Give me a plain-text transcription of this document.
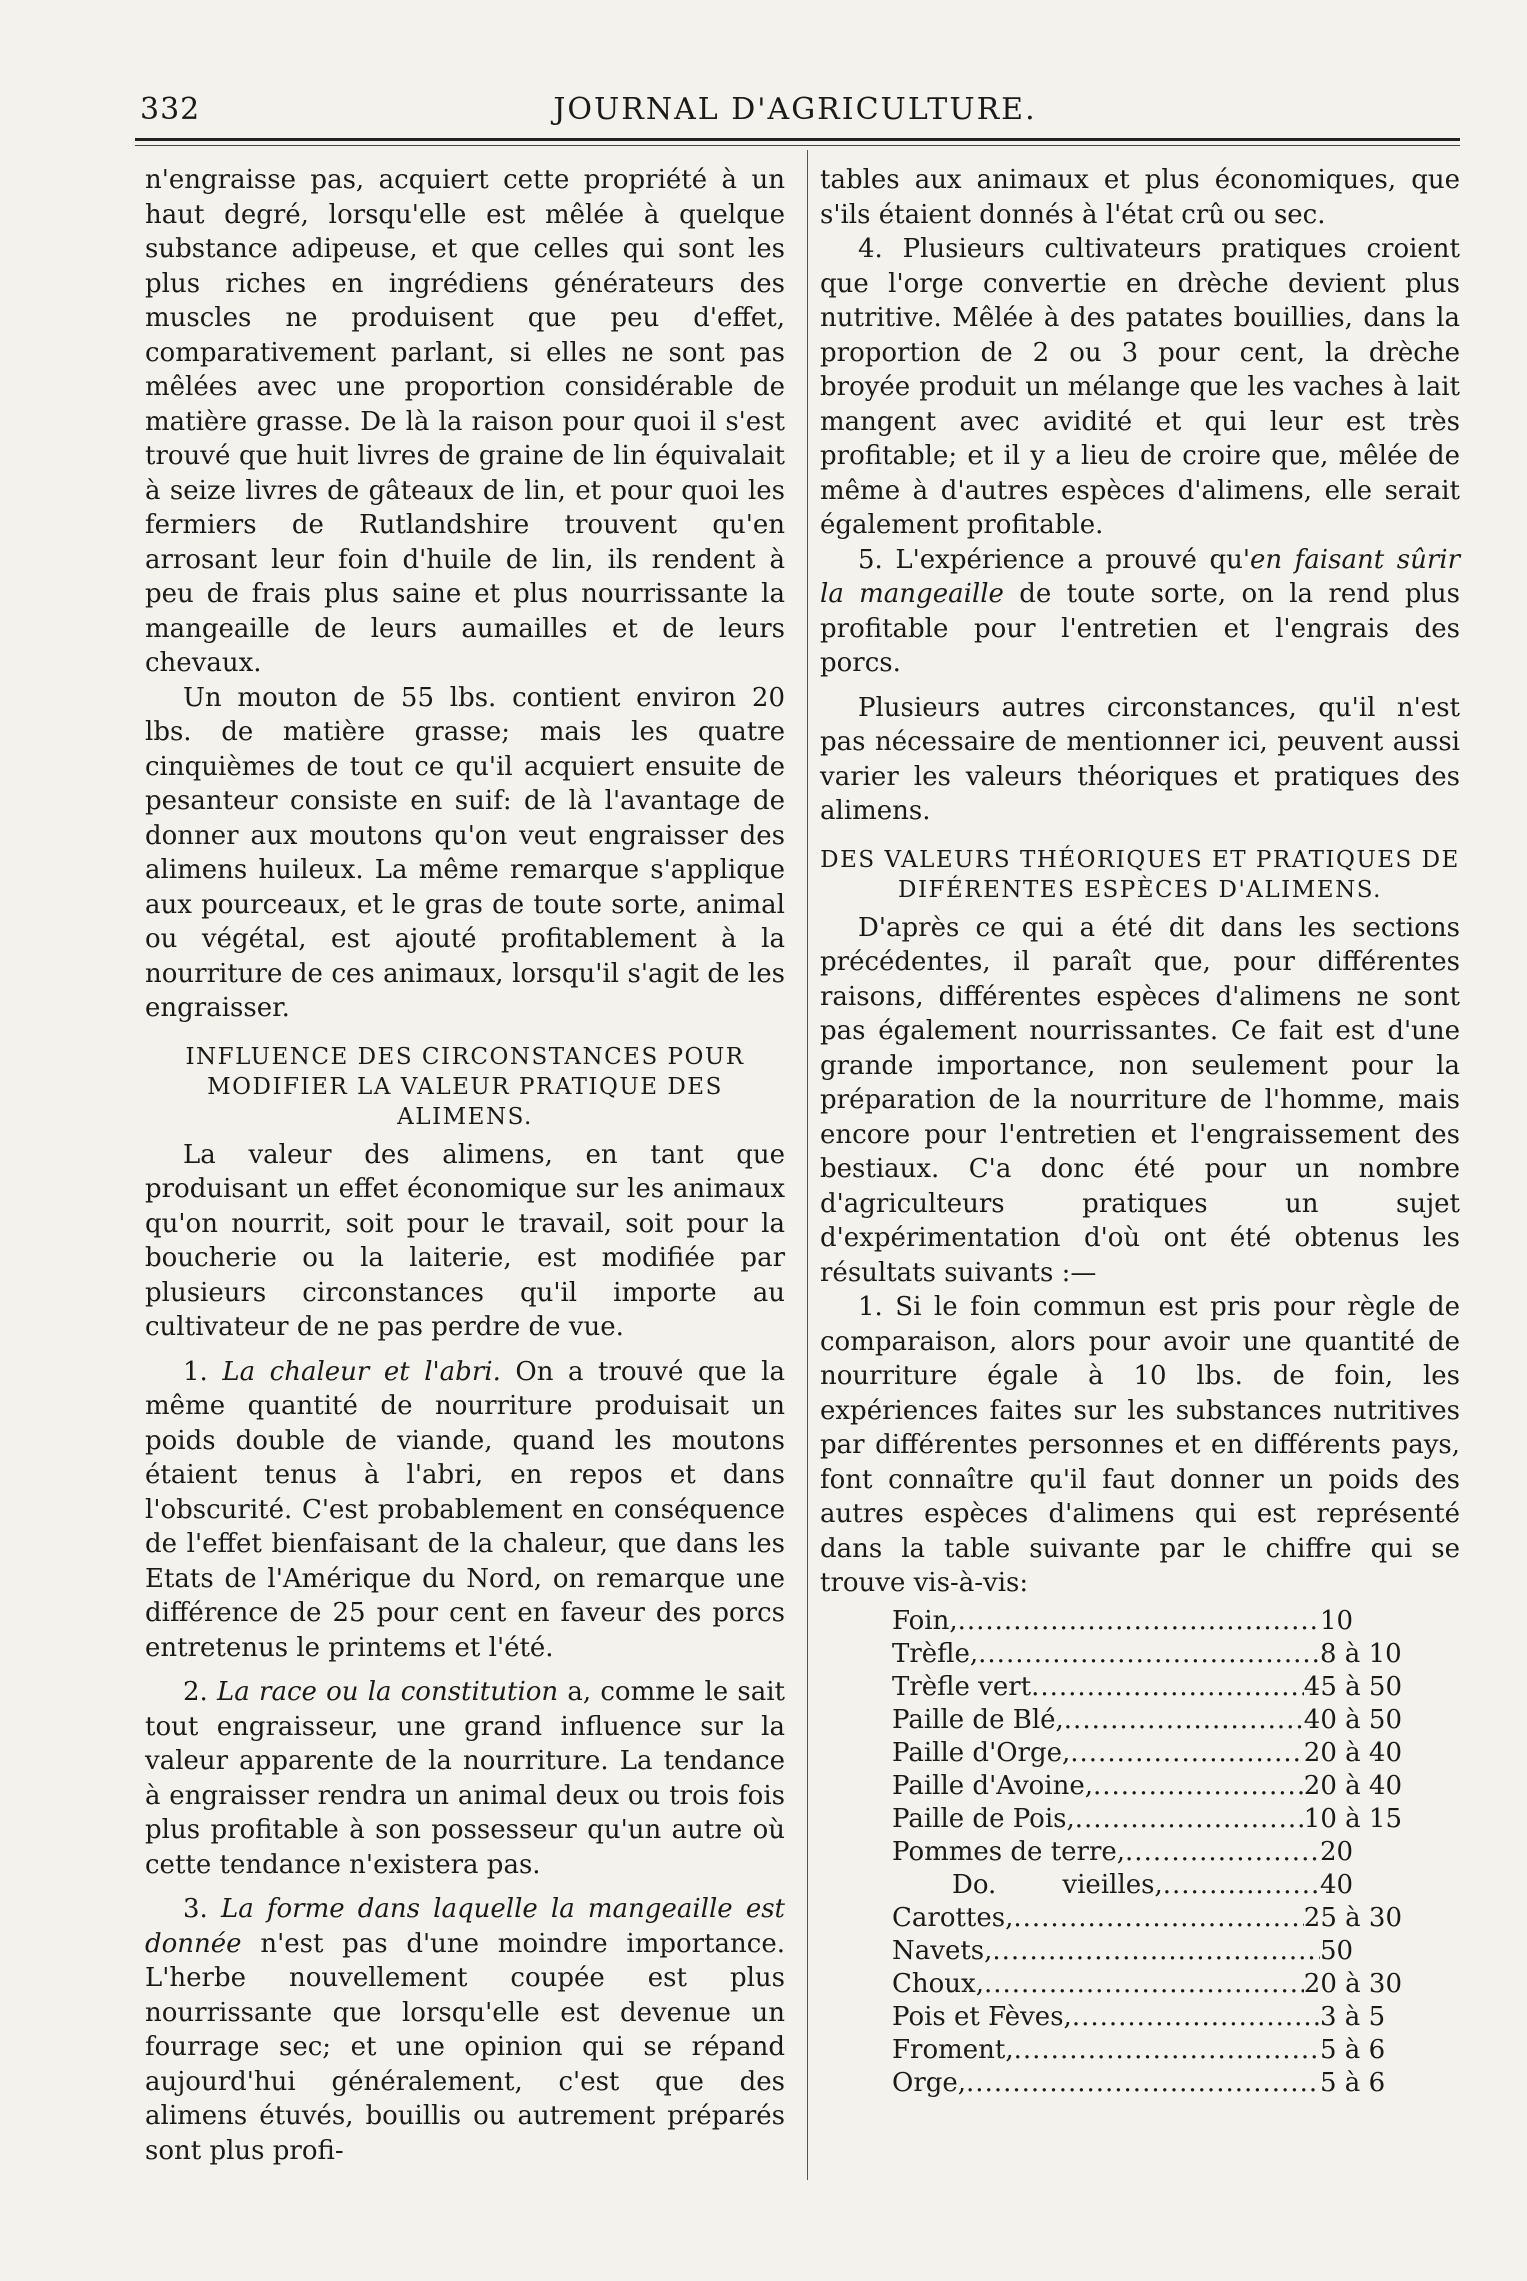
332	JOURNAL D'AGRICULTURE.

n'engraisse pas, acquiert cette propriété à un haut degré, lorsqu'elle est mêlée à quelque substance adipeuse, et que celles qui sont les plus riches en ingrédiens générateurs des muscles ne produisent que peu d'effet, comparativement parlant, si elles ne sont pas mêlées avec une proportion considérable de matière grasse. De là la raison pour quoi il s'est trouvé que huit livres de graine de lin équivalait à seize livres de gâteaux de lin, et pour quoi les fermiers de Rutlandshire trouvent qu'en arrosant leur foin d'huile de lin, ils rendent à peu de frais plus saine et plus nourrissante la mangeaille de leurs aumailles et de leurs chevaux.

Un mouton de 55 lbs. contient environ 20 lbs. de matière grasse; mais les quatre cinquièmes de tout ce qu'il acquiert ensuite de pesanteur consiste en suif: de là l'avantage de donner aux moutons qu'on veut engraisser des alimens huileux. La même remarque s'applique aux pourceaux, et le gras de toute sorte, animal ou végétal, est ajouté profitablement à la nourriture de ces animaux, lorsqu'il s'agit de les engraisser.

INFLUENCE DES CIRCONSTANCES POUR MODIFIER LA VALEUR PRATIQUE DES ALIMENS.

La valeur des alimens, en tant que produisant un effet économique sur les animaux qu'on nourrit, soit pour le travail, soit pour la boucherie ou la laiterie, est modifiée par plusieurs circonstances qu'il importe au cultivateur de ne pas perdre de vue.

1. La chaleur et l'abri. On a trouvé que la même quantité de nourriture produisait un poids double de viande, quand les moutons étaient tenus à l'abri, en repos et dans l'obscurité. C'est probablement en conséquence de l'effet bienfaisant de la chaleur, que dans les Etats de l'Amérique du Nord, on remarque une différence de 25 pour cent en faveur des porcs entretenus le printems et l'été.

2. La race ou la constitution a, comme le sait tout engraisseur, une grand influence sur la valeur apparente de la nourriture. La tendance à engraisser rendra un animal deux ou trois fois plus profitable à son possesseur qu'un autre où cette tendance n'existera pas.

3. La forme dans laquelle la mangeaille est donnée n'est pas d'une moindre importance. L'herbe nouvellement coupée est plus nourrissante que lorsqu'elle est devenue un fourrage sec; et une opinion qui se répand aujourd'hui généralement, c'est que des alimens étuvés, bouillis ou autrement préparés sont plus profi-

tables aux animaux et plus économiques, que s'ils étaient donnés à l'état crû ou sec.

4. Plusieurs cultivateurs pratiques croient que l'orge convertie en drèche devient plus nutritive. Mêlée à des patates bouillies, dans la proportion de 2 ou 3 pour cent, la drèche broyée produit un mélange que les vaches à lait mangent avec avidité et qui leur est très profitable; et il y a lieu de croire que, mêlée de même à d'autres espèces d'alimens, elle serait également profitable.

5. L'expérience a prouvé qu'en faisant sûrir la mangeaille de toute sorte, on la rend plus profitable pour l'entretien et l'engrais des porcs.

Plusieurs autres circonstances, qu'il n'est pas nécessaire de mentionner ici, peuvent aussi varier les valeurs théoriques et pratiques des alimens.

DES VALEURS THÉORIQUES ET PRATIQUES DE DIFÉRENTES ESPÈCES D'ALIMENS.

D'après ce qui a été dit dans les sections précédentes, il paraît que, pour différentes raisons, différentes espèces d'alimens ne sont pas également nourrissantes. Ce fait est d'une grande importance, non seulement pour la préparation de la nourriture de l'homme, mais encore pour l'entretien et l'engraissement des bestiaux. C'a donc été pour un nombre d'agriculteurs pratiques un sujet d'expérimentation d'où ont été obtenus les résultats suivants :—

1. Si le foin commun est pris pour règle de comparaison, alors pour avoir une quantité de nourriture égale à 10 lbs. de foin, les expériences faites sur les substances nutritives par différentes personnes et en différents pays, font connaître qu'il faut donner un poids des autres espèces d'alimens qui est représenté dans la table suivante par le chiffre qui se trouve vis-à-vis:

Foin, .....	10
Trèfle, .....	8 à 10
Trèfle vert .....	45 à 50
Paille de Blé, .....	40 à 50
Paille d'Orge, .....	20 à 40
Paille d'Avoine, .....	20 à 40
Paille de Pois, .....	10 à 15
Pommes de terre, .....	20
Do.        vieilles, .....	40
Carottes, .....	25 à 30
Navets, .....	50
Choux, .....	20 à 30
Pois et Fèves, .....	3 à 5
Froment, .....	5 à 6
Orge, .....	5 à 6
